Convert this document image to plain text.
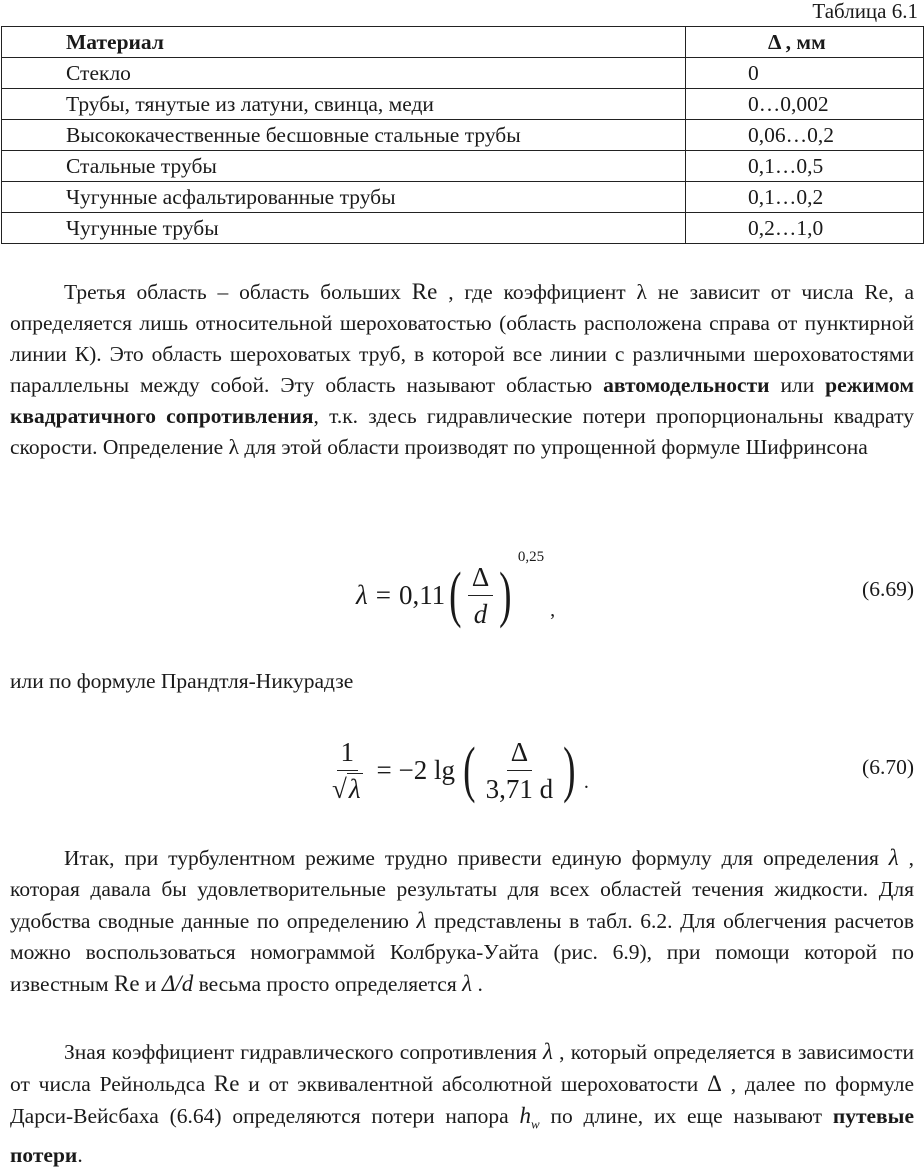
Таблица 6.1
Материал	Δ , мм
Стекло	0
Трубы, тянутые из латуни, свинца, меди	0…0,002
Высококачественные бесшовные стальные трубы	0,06…0,2
Стальные трубы	0,1…0,5
Чугунные асфальтированные трубы	0,1…0,2
Чугунные трубы	0,2…1,0

Третья область – область больших Re , где коэффициент λ не зависит от числа Re, а определяется лишь относительной шероховатостью (область расположена справа от пунктирной линии К). Это область шероховатых труб, в которой все линии с различными шероховатостями параллельны между собой. Эту область называют областью автомодельности или режимом квадратичного сопротивления, т.к. здесь гидравлические потери пропорциональны квадрату скорости. Определение λ для этой области производят по упрощенной формуле Шифринсона

λ = 0,11 ( $\frac{\Delta}{d}$ )
0,25
,
(6.69)

или по формуле Прандтля-Никурадзе

$\frac{1}{√ \lambda} = -2$ lg ( $\frac{\Delta}{3,71 d}$ ) .
(6.70)

Итак, при турбулентном режиме трудно привести единую формулу для определения λ , которая давала бы удовлетворительные результаты для всех областей течения жидкости. Для удобства сводные данные по определению λ представлены в табл. 6.2. Для облегчения расчетов можно воспользоваться номограммой Колбрука-Уайта (рис. 6.9), при помощи которой по известным Re и Δ/d весьма просто определяется λ .

Зная коэффициент гидравлического сопротивления λ , который определяется в зависимости от числа Рейнольдса Re и от эквивалентной абсолютной шероховатости Δ , далее по формуле Дарси-Вейсбаха (6.64) определяются потери напора $h_w$ по длине, их еще называют путевые потери.
